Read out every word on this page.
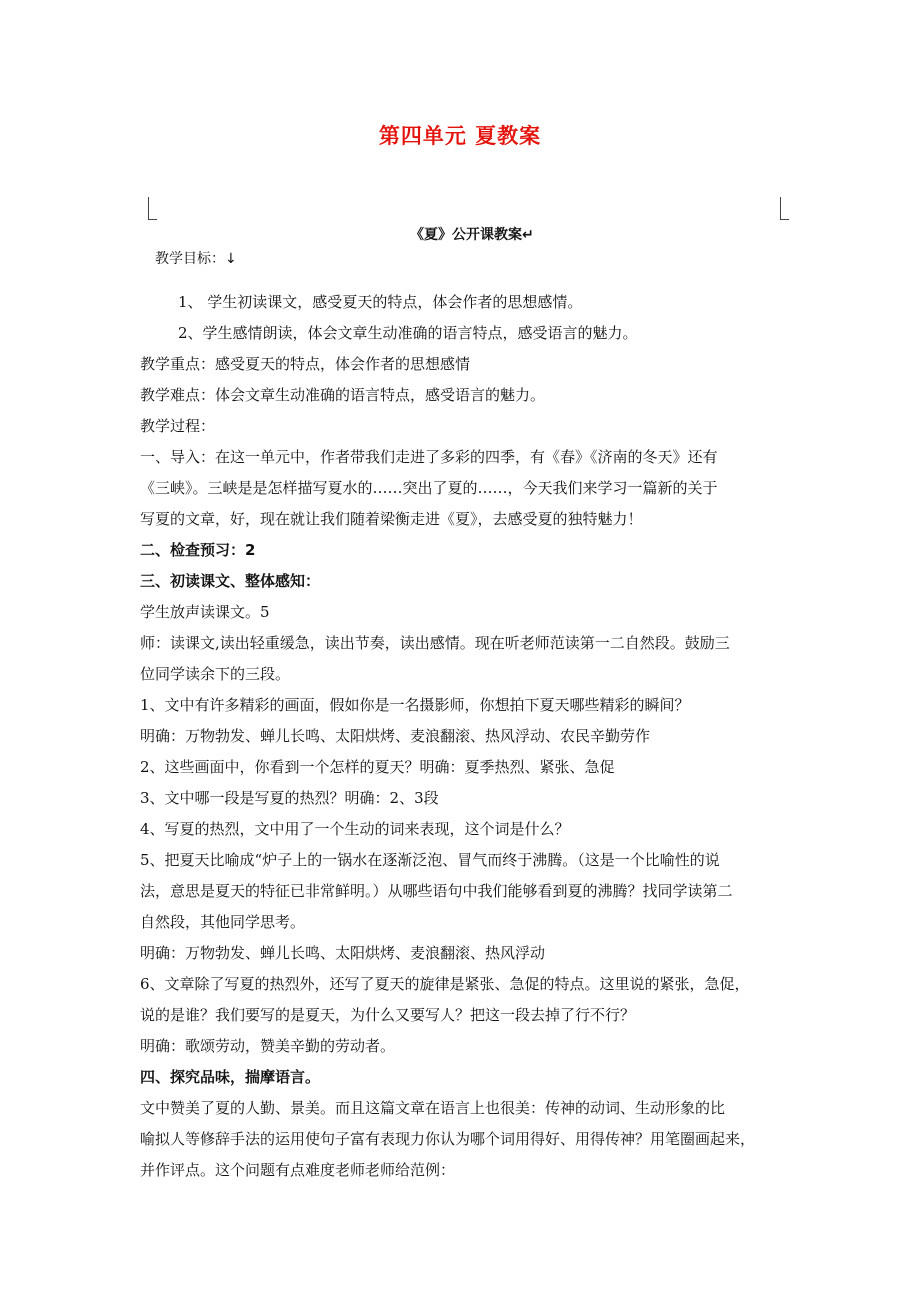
第四单元 夏教案
《夏》公开课教案↵
教学目标：↓
1、 学生初读课文，感受夏天的特点，体会作者的思想感情。
2、学生感情朗读，体会文章生动准确的语言特点，感受语言的魅力。
教学重点：感受夏天的特点，体会作者的思想感情
教学难点：体会文章生动准确的语言特点，感受语言的魅力。
教学过程：
一、导入：在这一单元中，作者带我们走进了多彩的四季，有《春》《济南的冬天》还有
《三峡》。三峡是是怎样描写夏水的……突出了夏的……，今天我们来学习一篇新的关于
写夏的文章，好，现在就让我们随着梁衡走进《夏》，去感受夏的独特魅力！
二、检查预习：2
三、初读课文、整体感知：
学生放声读课文。5
师：读课文,读出轻重缓急，读出节奏，读出感情。现在听老师范读第一二自然段。鼓励三
位同学读余下的三段。
1、文中有许多精彩的画面，假如你是一名摄影师，你想拍下夏天哪些精彩的瞬间？
明确：万物勃发、蝉儿长鸣、太阳烘烤、麦浪翻滚、热风浮动、农民辛勤劳作
2、这些画面中，你看到一个怎样的夏天？明确：夏季热烈、紧张、急促
3、文中哪一段是写夏的热烈？明确：2、3段
4、写夏的热烈，文中用了一个生动的词来表现，这个词是什么？
5、把夏天比喻成“炉子上的一锅水在逐渐泛泡、冒气而终于沸腾。（这是一个比喻性的说
法，意思是夏天的特征已非常鲜明。）从哪些语句中我们能够看到夏的沸腾？找同学读第二
自然段，其他同学思考。
明确：万物勃发、蝉儿长鸣、太阳烘烤、麦浪翻滚、热风浮动
6、文章除了写夏的热烈外，还写了夏天的旋律是紧张、急促的特点。这里说的紧张，急促，
说的是谁？我们要写的是夏天，为什么又要写人？把这一段去掉了行不行？
明确：歌颂劳动，赞美辛勤的劳动者。
四、探究品味，揣摩语言。
文中赞美了夏的人勤、景美。而且这篇文章在语言上也很美：传神的动词、生动形象的比
喻拟人等修辞手法的运用使句子富有表现力你认为哪个词用得好、用得传神？用笔圈画起来，
并作评点。这个问题有点难度老师老师给范例：
